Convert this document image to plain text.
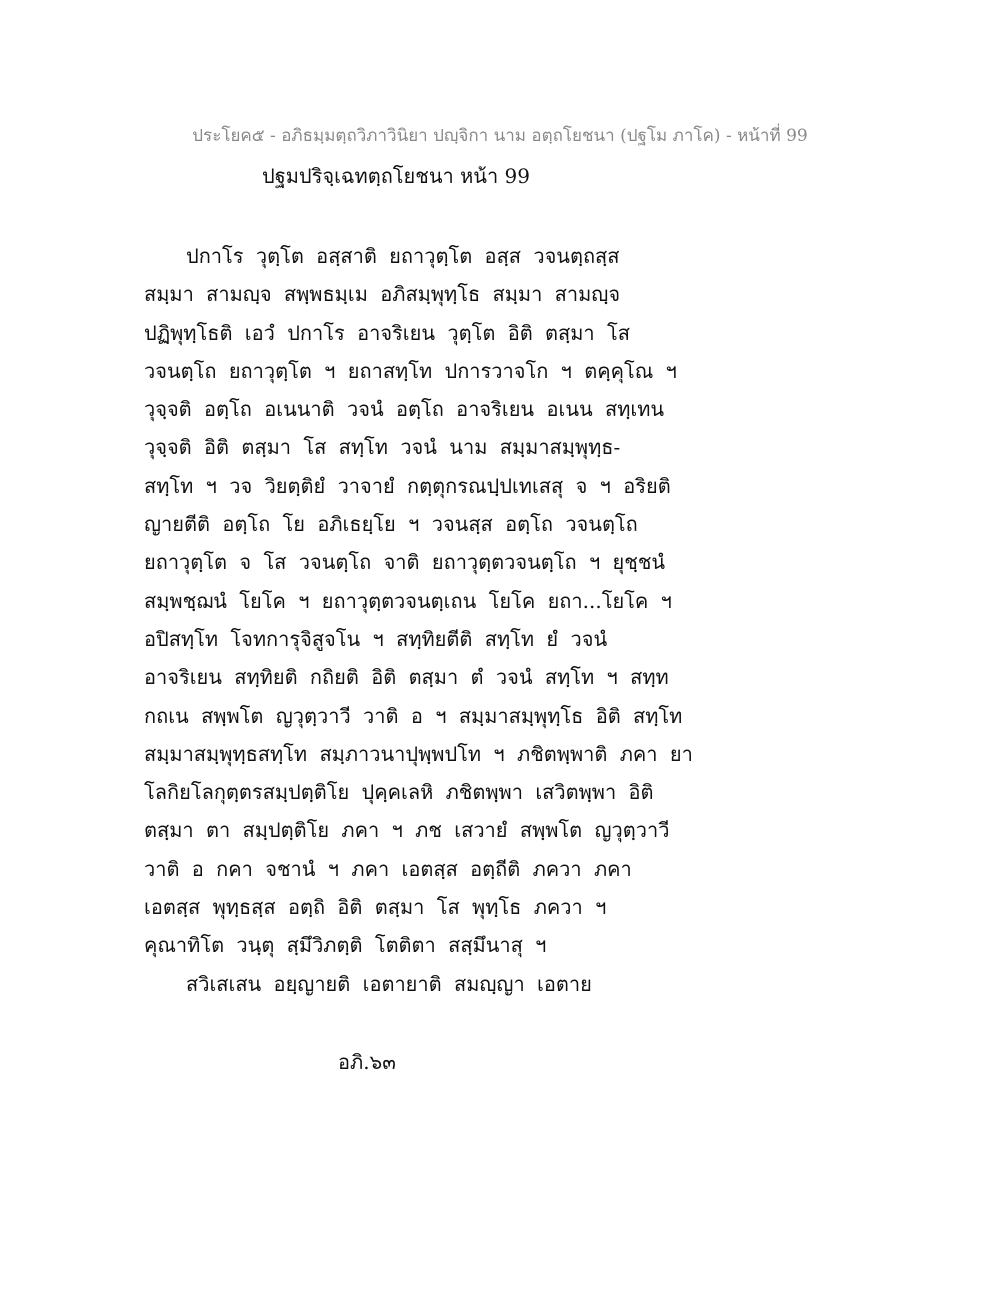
ประโยค๕ - อภิธมฺมตฺถวิภาวินิยา ปญฺจิกา นาม อตฺถโยชนา (ปฐโม ภาโค) - หน้าที่ 99
ปฐมปริจฺเฉทตฺถโยชนา หน้า 99
ปกาโร วุตฺโต อสฺสาติ ยถาวุตฺโต อสฺส วจนตฺถสฺส
สมฺมา สามญฺจ สพฺพธมฺเม อภิสมฺพุทฺโธ สมฺมา สามญฺจ
ปฏิพุทฺโธติ เอวํ ปกาโร อาจริเยน วุตฺโต อิติ ตสฺมา โส
วจนตฺโถ ยถาวุตฺโต ฯ ยถาสทฺโท ปการวาจโก ฯ ตคฺคุโณ ฯ
วุจฺจติ อตฺโถ อเนนาติ วจนํ อตฺโถ อาจริเยน อเนน สทฺเทน
วุจฺจติ อิติ ตสฺมา โส สทฺโท วจนํ นาม สมฺมาสมฺพุทฺธ-
สทฺโท ฯ วจ วิยตฺติยํ วาจายํ กตฺตุกรณปฺปเทเสสุ จ ฯ อริยติ
ญายตีติ อตฺโถ โย อภิเธยฺโย ฯ วจนสฺส อตฺโถ วจนตฺโถ
ยถาวุตฺโต จ โส วจนตฺโถ จาติ ยถาวุตฺตวจนตฺโถ ฯ ยุชฺชนํ
สมฺพชฺฌนํ โยโค ฯ ยถาวุตฺตวจนตฺเถน โยโค ยถา...โยโค ฯ
อปิสทฺโท โจทการุจิสูจโน ฯ สทฺทิยตีติ สทฺโท ยํ วจนํ
อาจริเยน สทฺทิยติ กถิยติ อิติ ตสฺมา ตํ วจนํ สทฺโท ฯ สทฺท
กถเน สพฺพโต ญวุตฺวาวี วาติ อ ฯ สมฺมาสมฺพุทฺโธ อิติ สทฺโท
สมฺมาสมฺพุทฺธสทฺโท สมฺภาวนาปุพฺพปโท ฯ ภชิตพฺพาติ ภคา ยา
โลกิยโลกุตฺตรสมฺปตฺติโย ปุคฺคเลหิ ภชิตพฺพา เสวิตพฺพา อิติ
ตสฺมา ตา สมฺปตฺติโย ภคา ฯ ภช เสวายํ สพฺพโต ญวุตฺวาวี
วาติ อ กคา จชานํ ฯ ภคา เอตสฺส อตฺถีติ ภควา ภคา
เอตสฺส พุทฺธสฺส อตฺถิ อิติ ตสฺมา โส พุทฺโธ ภควา ฯ
คุณาทิโต วนฺตุ สฺมึวิภตฺติ โตติตา สสฺมึนาสุ ฯ
สวิเสเสน อยฺญายติ เอตายาติ สมญฺญา เอตาย
อภิ.๖๓
